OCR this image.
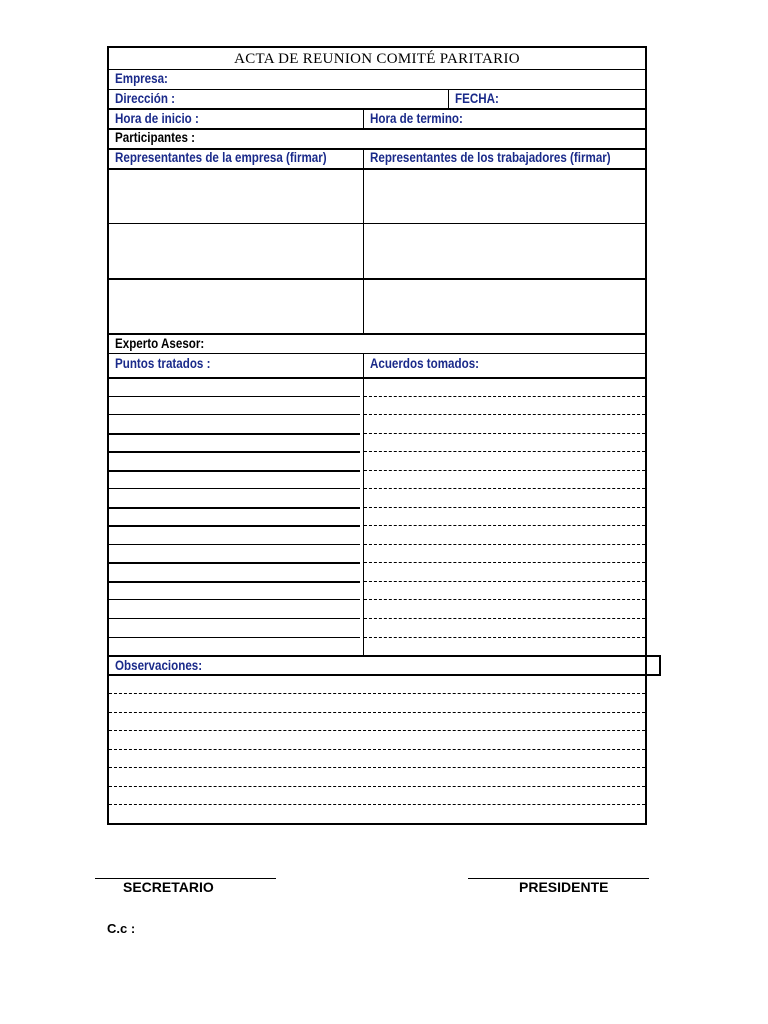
ACTA DE REUNION COMITÉ PARITARIO
Empresa:
Dirección :	FECHA:
Hora de inicio :	Hora de termino:
Participantes :
Representantes de la empresa (firmar)	Representantes de los trabajadores (firmar)
Experto Asesor:
Puntos tratados :	Acuerdos tomados:
Observaciones:
SECRETARIO	PRESIDENTE
C.c :
